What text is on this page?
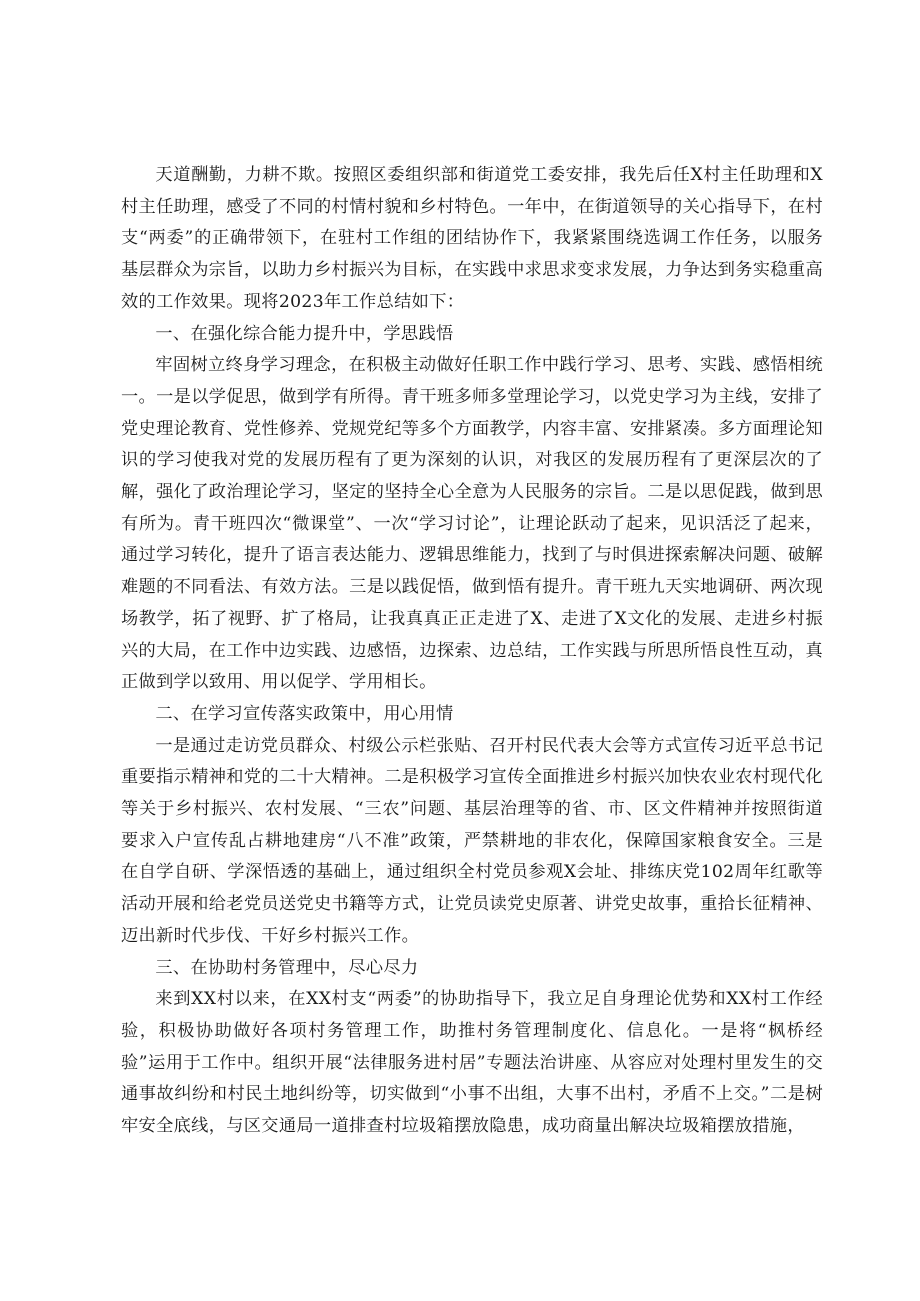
天道酬勤，力耕不欺。按照区委组织部和街道党工委安排，我先后任X村主任助理和X村主任助理，感受了不同的村情村貌和乡村特色。一年中，在街道领导的关心指导下，在村支“两委”的正确带领下，在驻村工作组的团结协作下，我紧紧围绕选调工作任务，以服务基层群众为宗旨，以助力乡村振兴为目标，在实践中求思求变求发展，力争达到务实稳重高效的工作效果。现将2023年工作总结如下：

一、在强化综合能力提升中，学思践悟

牢固树立终身学习理念，在积极主动做好任职工作中践行学习、思考、实践、感悟相统一。一是以学促思，做到学有所得。青干班多师多堂理论学习，以党史学习为主线，安排了党史理论教育、党性修养、党规党纪等多个方面教学，内容丰富、安排紧凑。多方面理论知识的学习使我对党的发展历程有了更为深刻的认识，对我区的发展历程有了更深层次的了解，强化了政治理论学习，坚定的坚持全心全意为人民服务的宗旨。二是以思促践，做到思有所为。青干班四次“微课堂”、一次“学习讨论”，让理论跃动了起来，见识活泛了起来，通过学习转化，提升了语言表达能力、逻辑思维能力，找到了与时俱进探索解决问题、破解难题的不同看法、有效方法。三是以践促悟，做到悟有提升。青干班九天实地调研、两次现场教学，拓了视野、扩了格局，让我真真正正走进了X、走进了X文化的发展、走进乡村振兴的大局，在工作中边实践、边感悟，边探索、边总结，工作实践与所思所悟良性互动，真正做到学以致用、用以促学、学用相长。

二、在学习宣传落实政策中，用心用情

一是通过走访党员群众、村级公示栏张贴、召开村民代表大会等方式宣传习近平总书记重要指示精神和党的二十大精神。二是积极学习宣传全面推进乡村振兴加快农业农村现代化等关于乡村振兴、农村发展、“三农”问题、基层治理等的省、市、区文件精神并按照街道要求入户宣传乱占耕地建房“八不准”政策，严禁耕地的非农化，保障国家粮食安全。三是在自学自研、学深悟透的基础上，通过组织全村党员参观X会址、排练庆党102周年红歌等活动开展和给老党员送党史书籍等方式，让党员读党史原著、讲党史故事，重拾长征精神、迈出新时代步伐、干好乡村振兴工作。

三、在协助村务管理中，尽心尽力

来到XX村以来，在XX村支“两委”的协助指导下，我立足自身理论优势和XX村工作经验，积极协助做好各项村务管理工作，助推村务管理制度化、信息化。一是将“枫桥经验”运用于工作中。组织开展“法律服务进村居”专题法治讲座、从容应对处理村里发生的交通事故纠纷和村民土地纠纷等，切实做到“小事不出组，大事不出村，矛盾不上交。”二是树牢安全底线，与区交通局一道排查村垃圾箱摆放隐患，成功商量出解决垃圾箱摆放措施，
